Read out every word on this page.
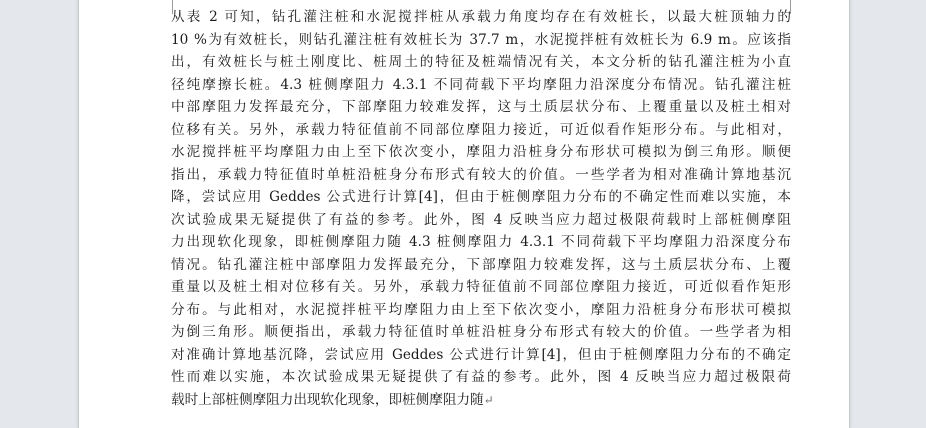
从表 2 可知，钻孔灌注桩和水泥搅拌桩从承载力角度均存在有效桩长，以最大桩顶轴力的
10 %为有效桩长，则钻孔灌注桩有效桩长为 37.7 m，水泥搅拌桩有效桩长为 6.9 m。应该指
出，有效桩长与桩土刚度比、桩周土的特征及桩端情况有关，本文分析的钻孔灌注桩为小直
径纯摩擦长桩。4.3 桩侧摩阻力 4.3.1 不同荷载下平均摩阻力沿深度分布情况。钻孔灌注桩
中部摩阻力发挥最充分，下部摩阻力较难发挥，这与土质层状分布、上覆重量以及桩土相对
位移有关。另外，承载力特征值前不同部位摩阻力接近，可近似看作矩形分布。与此相对，
水泥搅拌桩平均摩阻力由上至下依次变小，摩阻力沿桩身分布形状可模拟为倒三角形。顺便
指出，承载力特征值时单桩沿桩身分布形式有较大的价值。一些学者为相对准确计算地基沉
降，尝试应用 Geddes 公式进行计算[4]，但由于桩侧摩阻力分布的不确定性而难以实施，本
次试验成果无疑提供了有益的参考。此外，图 4 反映当应力超过极限荷载时上部桩侧摩阻
力出现软化现象，即桩侧摩阻力随 4.3 桩侧摩阻力 4.3.1 不同荷载下平均摩阻力沿深度分布
情况。钻孔灌注桩中部摩阻力发挥最充分，下部摩阻力较难发挥，这与土质层状分布、上覆
重量以及桩土相对位移有关。另外，承载力特征值前不同部位摩阻力接近，可近似看作矩形
分布。与此相对，水泥搅拌桩平均摩阻力由上至下依次变小，摩阻力沿桩身分布形状可模拟
为倒三角形。顺便指出，承载力特征值时单桩沿桩身分布形式有较大的价值。一些学者为相
对准确计算地基沉降，尝试应用 Geddes 公式进行计算[4]，但由于桩侧摩阻力分布的不确定
性而难以实施，本次试验成果无疑提供了有益的参考。此外，图 4 反映当应力超过极限荷
载时上部桩侧摩阻力出现软化现象，即桩侧摩阻力随↵
